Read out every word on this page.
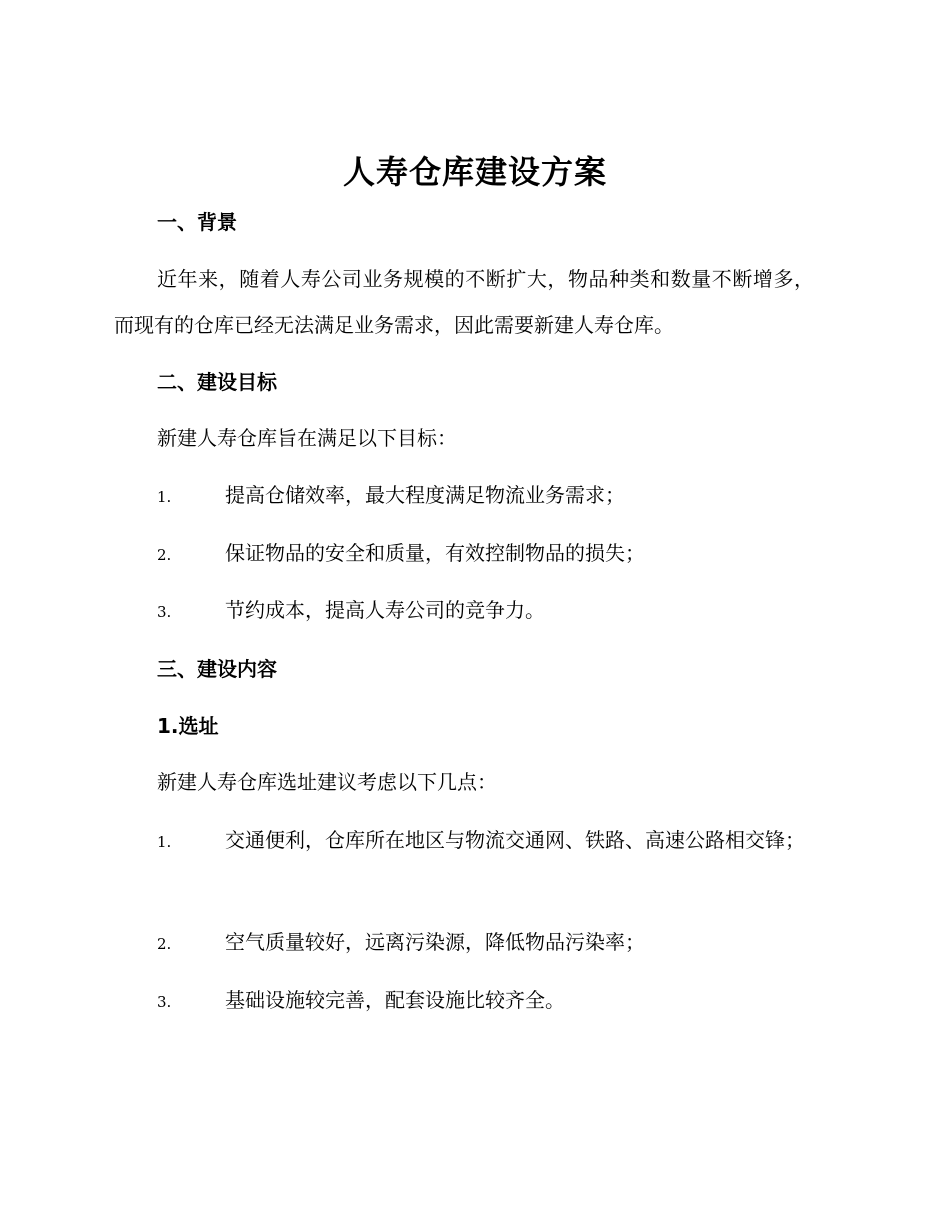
人寿仓库建设方案
一、背景
近年来，随着人寿公司业务规模的不断扩大，物品种类和数量不断增多，而现有的仓库已经无法满足业务需求，因此需要新建人寿仓库。
二、建设目标
新建人寿仓库旨在满足以下目标：
1.	提高仓储效率，最大程度满足物流业务需求；
2.	保证物品的安全和质量，有效控制物品的损失；
3.	节约成本，提高人寿公司的竞争力。
三、建设内容
1.选址
新建人寿仓库选址建议考虑以下几点：
1.	交通便利，仓库所在地区与物流交通网、铁路、高速公路相交锋；
2.	空气质量较好，远离污染源，降低物品污染率；
3.	基础设施较完善，配套设施比较齐全。
